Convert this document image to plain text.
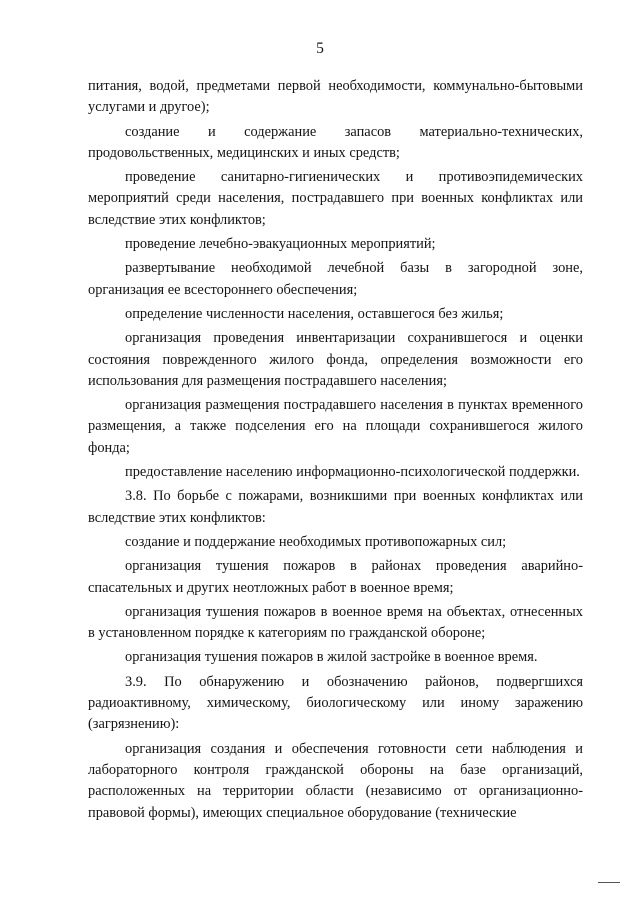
5

питания, водой, предметами первой необходимости, коммунально-бытовыми услугами и другое);

создание и содержание запасов материально-технических, продовольственных, медицинских и иных средств;

проведение санитарно-гигиенических и противоэпидемических мероприятий среди населения, пострадавшего при военных конфликтах или вследствие этих конфликтов;

проведение лечебно-эвакуационных мероприятий;

развертывание необходимой лечебной базы в загородной зоне, организация ее всестороннего обеспечения;

определение численности населения, оставшегося без жилья;

организация проведения инвентаризации сохранившегося и оценки состояния поврежденного жилого фонда, определения возможности его использования для размещения пострадавшего населения;

организация размещения пострадавшего населения в пунктах временного размещения, а также подселения его на площади сохранившегося жилого фонда;

предоставление населению информационно-психологической поддержки.

3.8. По борьбе с пожарами, возникшими при военных конфликтах или вследствие этих конфликтов:

создание и поддержание необходимых противопожарных сил;

организация тушения пожаров в районах проведения аварийно-спасательных и других неотложных работ в военное время;

организация тушения пожаров в военное время на объектах, отнесенных в установленном порядке к категориям по гражданской обороне;

организация тушения пожаров в жилой застройке в военное время.

3.9. По обнаружению и обозначению районов, подвергшихся радиоактивному, химическому, биологическому или иному заражению (загрязнению):

организация создания и обеспечения готовности сети наблюдения и лабораторного контроля гражданской обороны на базе организаций, расположенных на территории области (независимо от организационно-правовой формы), имеющих специальное оборудование (технические
